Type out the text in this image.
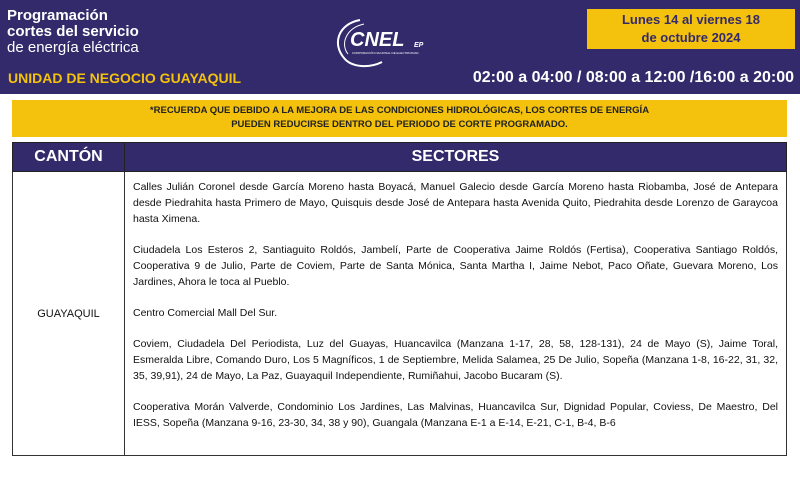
Programación
cortes del servicio
de energía eléctrica
UNIDAD DE NEGOCIO GUAYAQUIL
CNEL EP
CORPORACIÓN NACIONAL DE ELECTRICIDAD
Lunes 14 al viernes 18
de octubre 2024
02:00 a 04:00 / 08:00 a 12:00 /16:00 a 20:00
*RECUERDA QUE DEBIDO A LA MEJORA DE LAS CONDICIONES HIDROLÓGICAS, LOS CORTES DE ENERGÍA
PUEDEN REDUCIRSE DENTRO DEL PERIODO DE CORTE PROGRAMADO.
CANTÓN	SECTORES
GUAYAQUIL	Calles Julián Coronel desde García Moreno hasta Boyacá, Manuel Galecio desde García Moreno hasta Riobamba, José de Antepara desde Piedrahita hasta Primero de Mayo, Quisquis desde José de Antepara hasta Avenida Quito, Piedrahita desde Lorenzo de Garaycoa hasta Ximena.

Ciudadela Los Esteros 2, Santiaguito Roldós, Jambelí, Parte de Cooperativa Jaime Roldós (Fertisa), Cooperativa Santiago Roldós, Cooperativa 9 de Julio, Parte de Coviem, Parte de Santa Mónica, Santa Martha I, Jaime Nebot, Paco Oñate, Guevara Moreno, Los Jardines, Ahora le toca al Pueblo.

Centro Comercial Mall Del Sur.

Coviem, Ciudadela Del Periodista, Luz del Guayas, Huancavilca (Manzana 1-17, 28, 58, 128-131), 24 de Mayo (S), Jaime Toral, Esmeralda Libre, Comando Duro, Los 5 Magníficos, 1 de Septiembre, Melida Salamea, 25 De Julio, Sopeña (Manzana 1-8, 16-22, 31, 32, 35, 39,91), 24 de Mayo, La Paz, Guayaquil Independiente, Rumiñahui, Jacobo Bucaram (S).

Cooperativa Morán Valverde, Condominio Los Jardines, Las Malvinas, Huancavilca Sur, Dignidad Popular, Coviess, De Maestro, Del IESS, Sopeña (Manzana 9-16, 23-30, 34, 38 y 90), Guangala (Manzana E-1 a E-14, E-21, C-1, B-4, B-6
